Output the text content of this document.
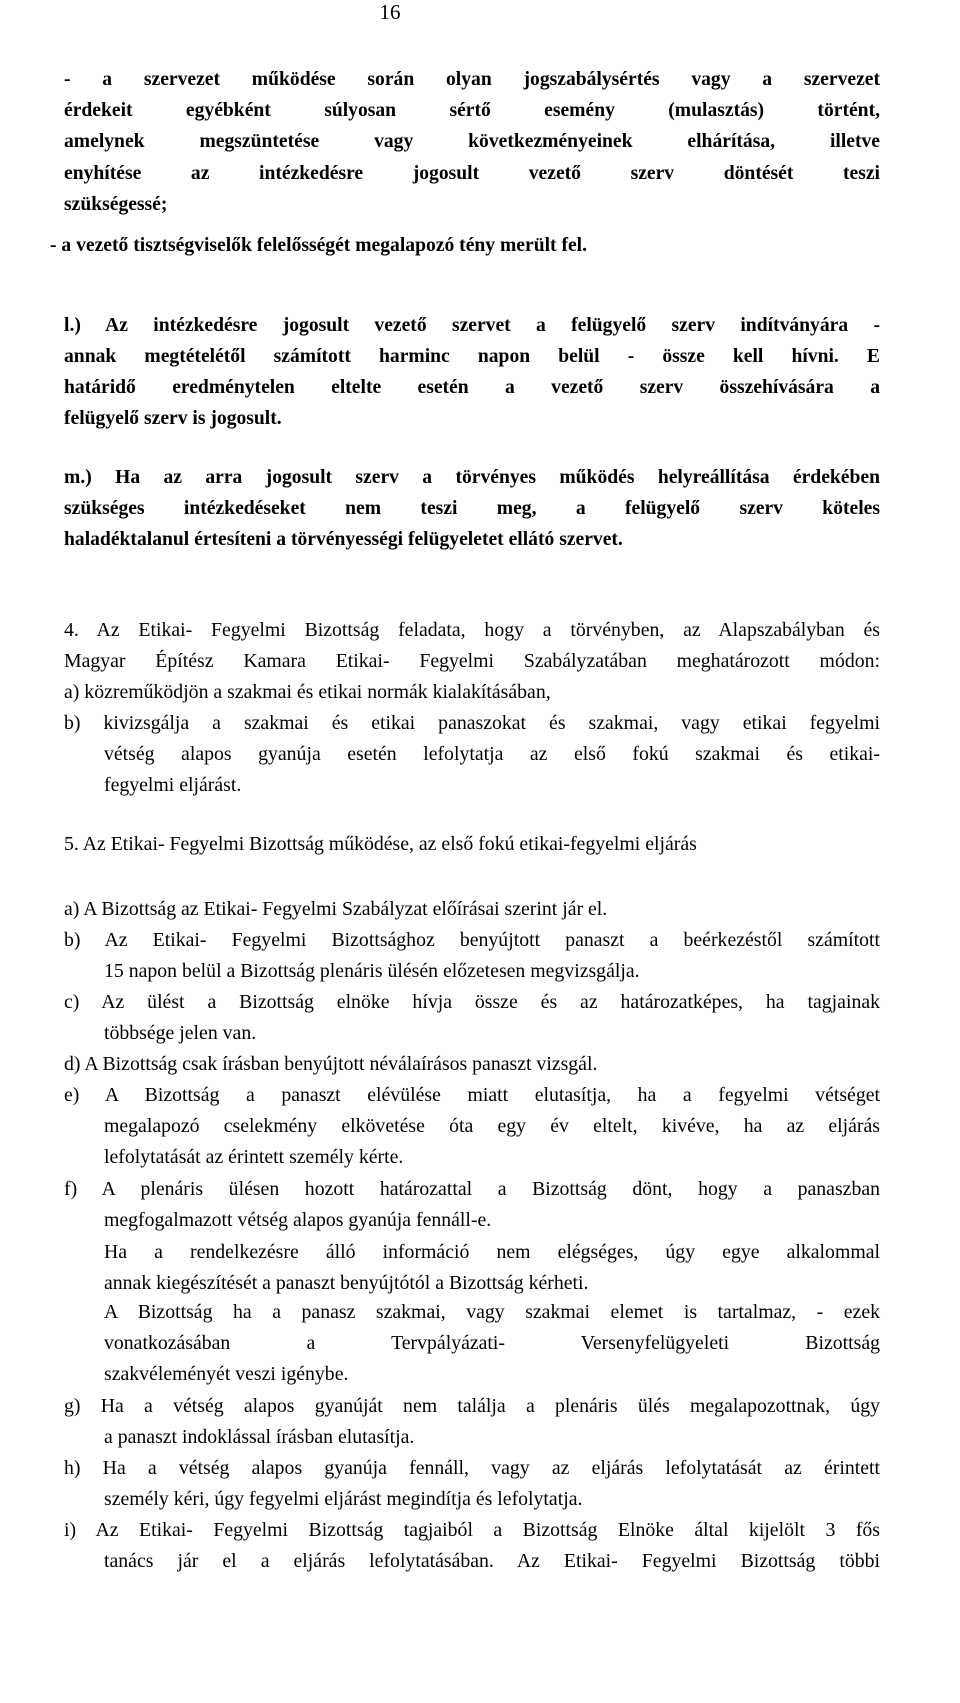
16

- a szervezet működése során olyan jogszabálysértés vagy a szervezet

érdekeit egyébként súlyosan sértő esemény (mulasztás) történt,

amelynek megszüntetése vagy következményeinek elhárítása, illetve

enyhítése az intézkedésre jogosult vezető szerv döntését teszi

szükségessé;

- a vezető tisztségviselők felelősségét megalapozó tény merült fel.

l.) Az intézkedésre jogosult vezető szervet a felügyelő szerv indítványára -

annak megtételétől számított harminc napon belül - össze kell hívni. E

határidő eredménytelen eltelte esetén a vezető szerv összehívására a

felügyelő szerv is jogosult.

m.) Ha az arra jogosult szerv a törvényes működés helyreállítása érdekében

szükséges intézkedéseket nem teszi meg, a felügyelő szerv köteles

haladéktalanul értesíteni a törvényességi felügyeletet ellátó szervet.

4. Az Etikai- Fegyelmi Bizottság feladata, hogy a törvényben, az Alapszabályban és

Magyar Építész Kamara Etikai- Fegyelmi Szabályzatában meghatározott módon:

a) közreműködjön a szakmai és etikai normák kialakításában,

b) kivizsgálja a szakmai és etikai panaszokat és szakmai, vagy etikai fegyelmi

vétség alapos gyanúja esetén lefolytatja az első fokú szakmai és etikai-

fegyelmi eljárást.

5. Az Etikai- Fegyelmi Bizottság működése, az első fokú etikai-fegyelmi eljárás

a) A Bizottság az Etikai- Fegyelmi Szabályzat előírásai szerint jár el.

b) Az Etikai- Fegyelmi Bizottsághoz benyújtott panaszt a beérkezéstől számított

15 napon belül a Bizottság plenáris ülésén előzetesen megvizsgálja.

c) Az ülést a Bizottság elnöke hívja össze és az határozatképes, ha tagjainak

többsége jelen van.

d) A Bizottság csak írásban benyújtott néválaírásos panaszt vizsgál.

e) A Bizottság a panaszt elévülése miatt elutasítja, ha a fegyelmi vétséget

megalapozó cselekmény elkövetése óta egy év eltelt, kivéve, ha az eljárás

lefolytatását az érintett személy kérte.

f) A plenáris ülésen hozott határozattal a Bizottság dönt, hogy a panaszban

megfogalmazott vétség alapos gyanúja fennáll-e.

Ha a rendelkezésre álló információ nem elégséges, úgy egye alkalommal

annak kiegészítését a panaszt benyújtótól a Bizottság kérheti.

A Bizottság ha a panasz szakmai, vagy szakmai elemet is tartalmaz, - ezek

vonatkozásában a Tervpályázati- Versenyfelügyeleti Bizottság

szakvéleményét veszi igénybe.

g) Ha a vétség alapos gyanúját nem találja a plenáris ülés megalapozottnak, úgy

a panaszt indoklással írásban elutasítja.

h) Ha a vétség alapos gyanúja fennáll, vagy az eljárás lefolytatását az érintett

személy kéri, úgy fegyelmi eljárást megindítja és lefolytatja.

i) Az Etikai- Fegyelmi Bizottság tagjaiból a Bizottság Elnöke által kijelölt 3 fős

tanács jár el a eljárás lefolytatásában. Az Etikai- Fegyelmi Bizottság többi
